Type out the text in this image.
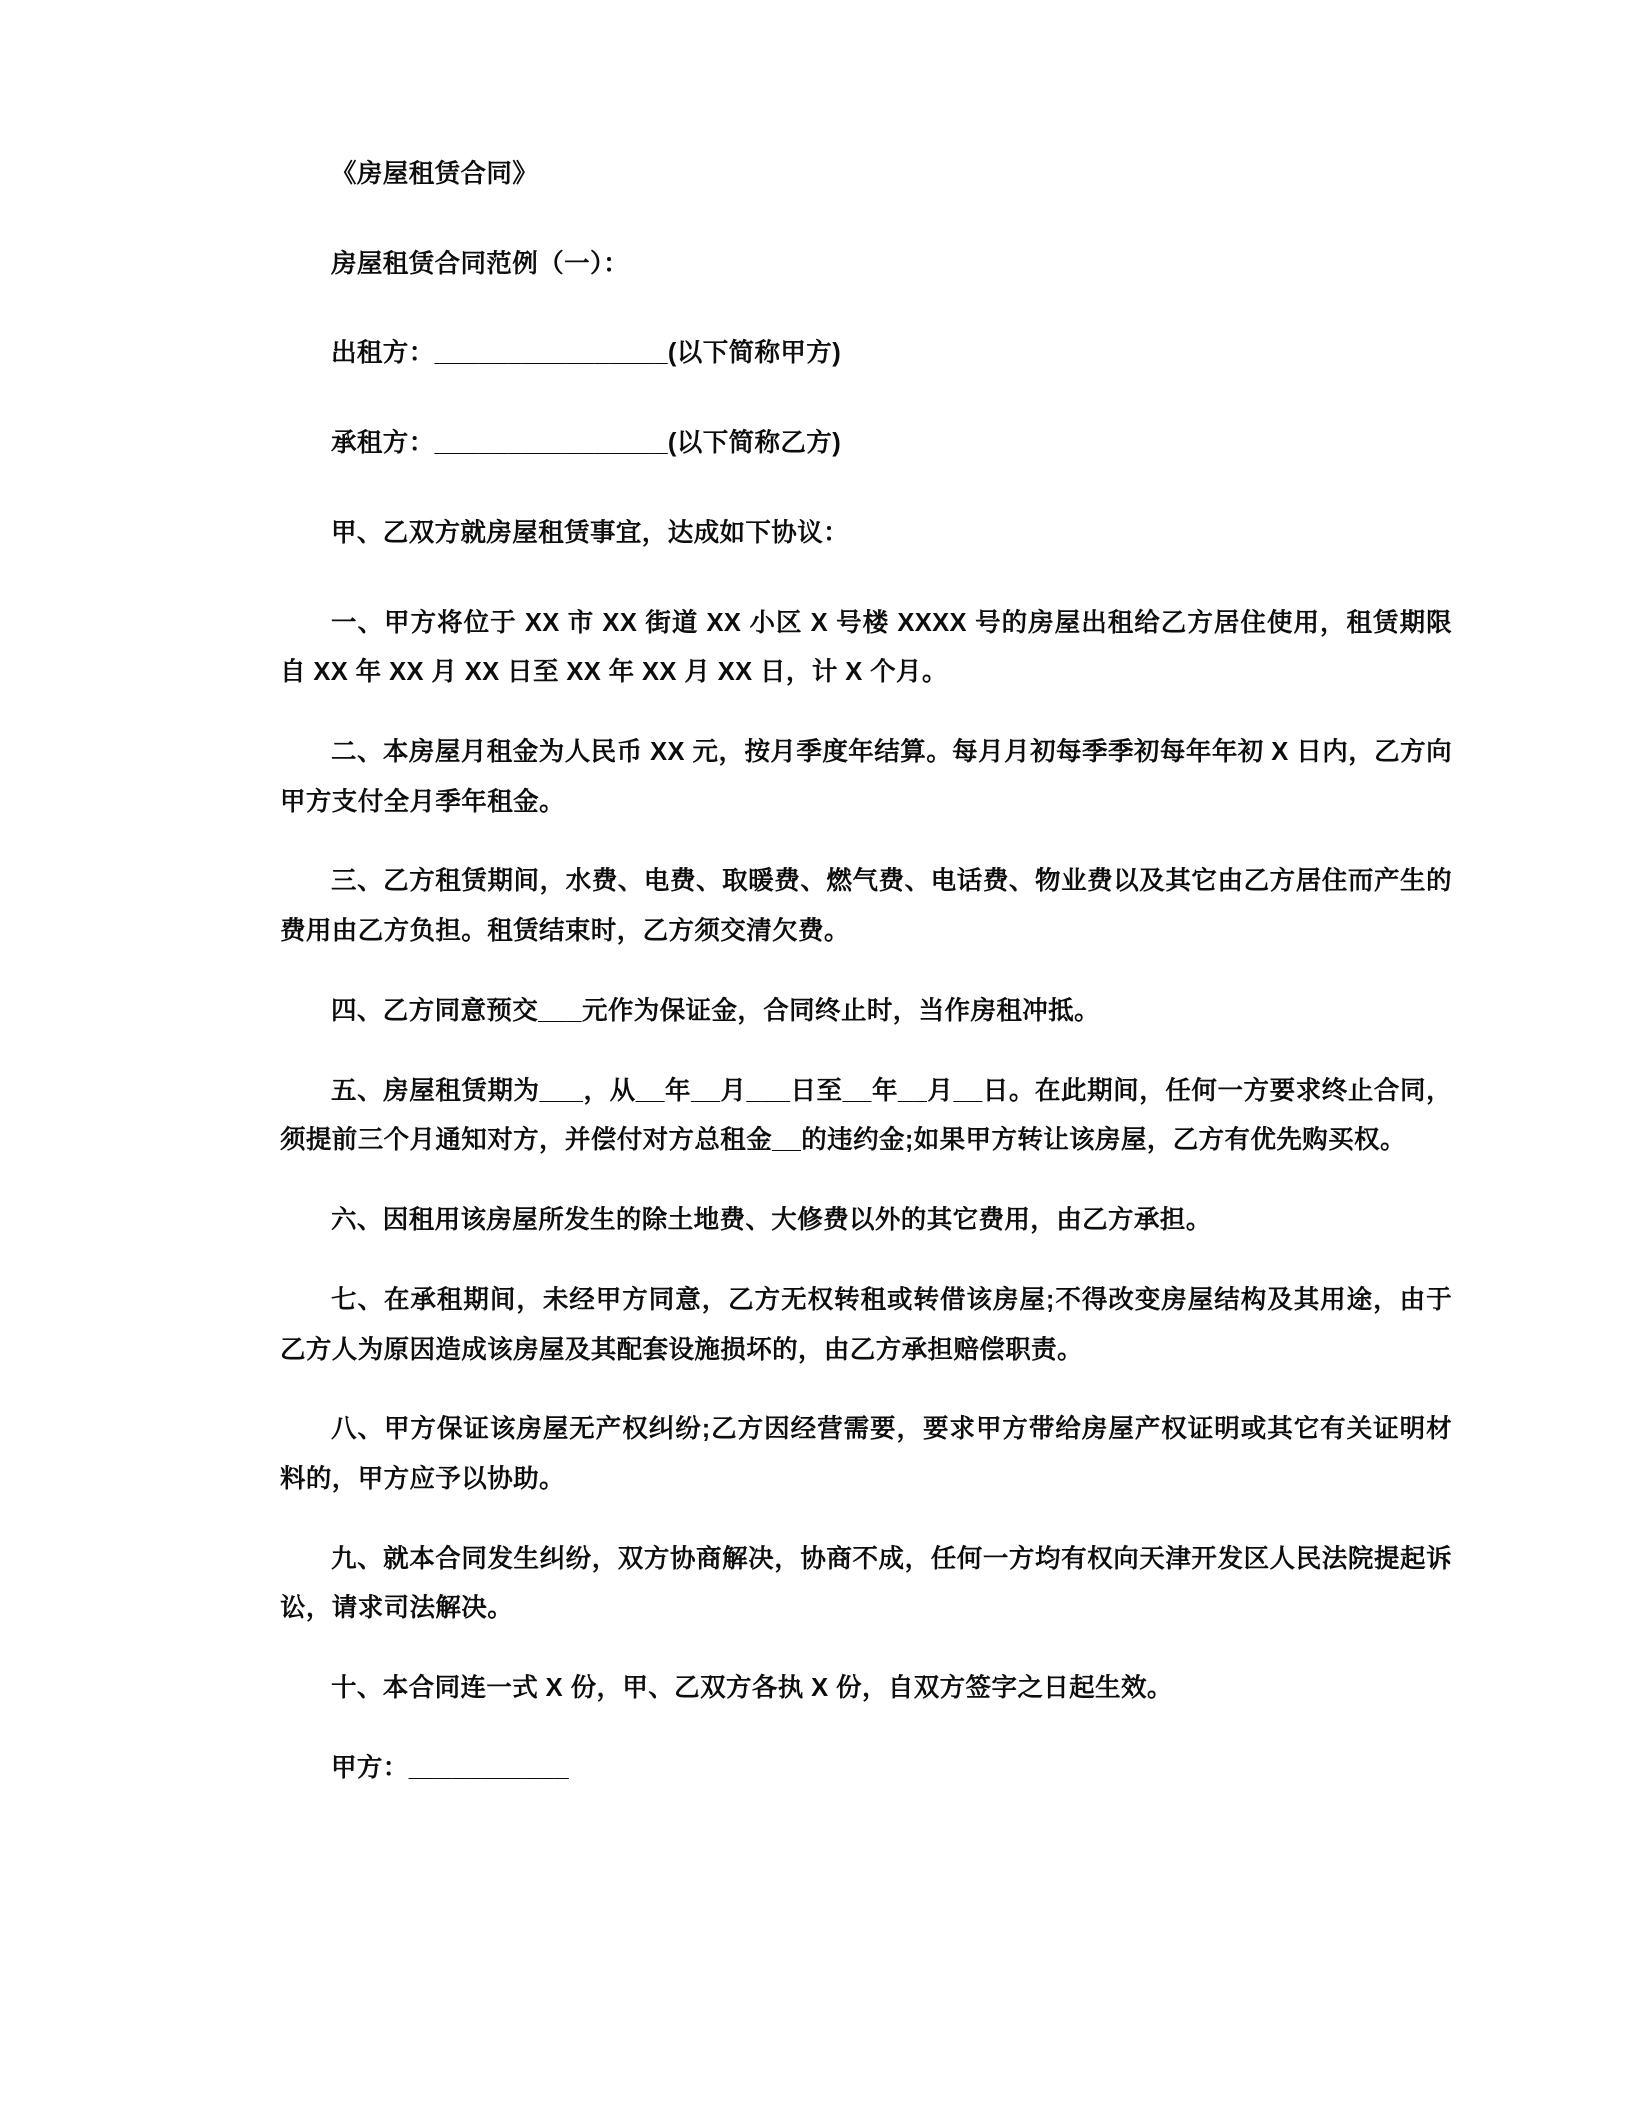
《房屋租赁合同》

房屋租赁合同范例（一）：

出租方：________________(以下简称甲方)

承租方：________________(以下简称乙方)

甲、乙双方就房屋租赁事宜，达成如下协议：

一、甲方将位于 XX 市 XX 街道 XX 小区 X 号楼 XXXX 号的房屋出租给乙方居住使用，租赁期限自 XX 年 XX 月 XX 日至 XX 年 XX 月 XX 日，计 X 个月。

二、本房屋月租金为人民币 XX 元，按月季度年结算。每月月初每季季初每年年初 X 日内，乙方向甲方支付全月季年租金。

三、乙方租赁期间，水费、电费、取暖费、燃气费、电话费、物业费以及其它由乙方居住而产生的费用由乙方负担。租赁结束时，乙方须交清欠费。

四、乙方同意预交___元作为保证金，合同终止时，当作房租冲抵。

五、房屋租赁期为___，从__年__月___日至__年__月__日。在此期间，任何一方要求终止合同，须提前三个月通知对方，并偿付对方总租金__的违约金;如果甲方转让该房屋，乙方有优先购买权。

六、因租用该房屋所发生的除土地费、大修费以外的其它费用，由乙方承担。

七、在承租期间，未经甲方同意，乙方无权转租或转借该房屋;不得改变房屋结构及其用途，由于乙方人为原因造成该房屋及其配套设施损坏的，由乙方承担赔偿职责。

八、甲方保证该房屋无产权纠纷;乙方因经营需要，要求甲方带给房屋产权证明或其它有关证明材料的，甲方应予以协助。

九、就本合同发生纠纷，双方协商解决，协商不成，任何一方均有权向天津开发区人民法院提起诉讼，请求司法解决。

十、本合同连一式 X 份，甲、乙双方各执 X 份，自双方签字之日起生效。

甲方：___________
